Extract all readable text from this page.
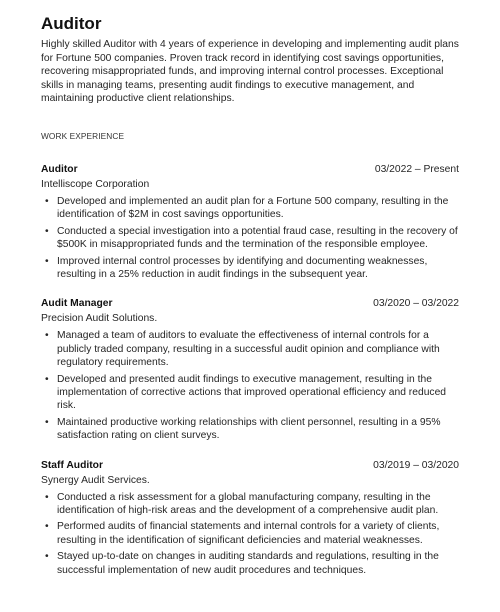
Auditor

Highly skilled Auditor with 4 years of experience in developing and implementing audit plans for Fortune 500 companies. Proven track record in identifying cost savings opportunities, recovering misappropriated funds, and improving internal control processes. Exceptional skills in managing teams, presenting audit findings to executive management, and maintaining productive client relationships.

WORK EXPERIENCE
Auditor	03/2022 – Present
Intelliscope Corporation
• Developed and implemented an audit plan for a Fortune 500 company, resulting in the identification of $2M in cost savings opportunities.
• Conducted a special investigation into a potential fraud case, resulting in the recovery of $500K in misappropriated funds and the termination of the responsible employee.
• Improved internal control processes by identifying and documenting weaknesses, resulting in a 25% reduction in audit findings in the subsequent year.
Audit Manager	03/2020 – 03/2022
Precision Audit Solutions.
• Managed a team of auditors to evaluate the effectiveness of internal controls for a publicly traded company, resulting in a successful audit opinion and compliance with regulatory requirements.
• Developed and presented audit findings to executive management, resulting in the implementation of corrective actions that improved operational efficiency and reduced risk.
• Maintained productive working relationships with client personnel, resulting in a 95% satisfaction rating on client surveys.
Staff Auditor	03/2019 – 03/2020
Synergy Audit Services.
• Conducted a risk assessment for a global manufacturing company, resulting in the identification of high-risk areas and the development of a comprehensive audit plan.
• Performed audits of financial statements and internal controls for a variety of clients, resulting in the identification of significant deficiencies and material weaknesses.
• Stayed up-to-date on changes in auditing standards and regulations, resulting in the successful implementation of new audit procedures and techniques.
